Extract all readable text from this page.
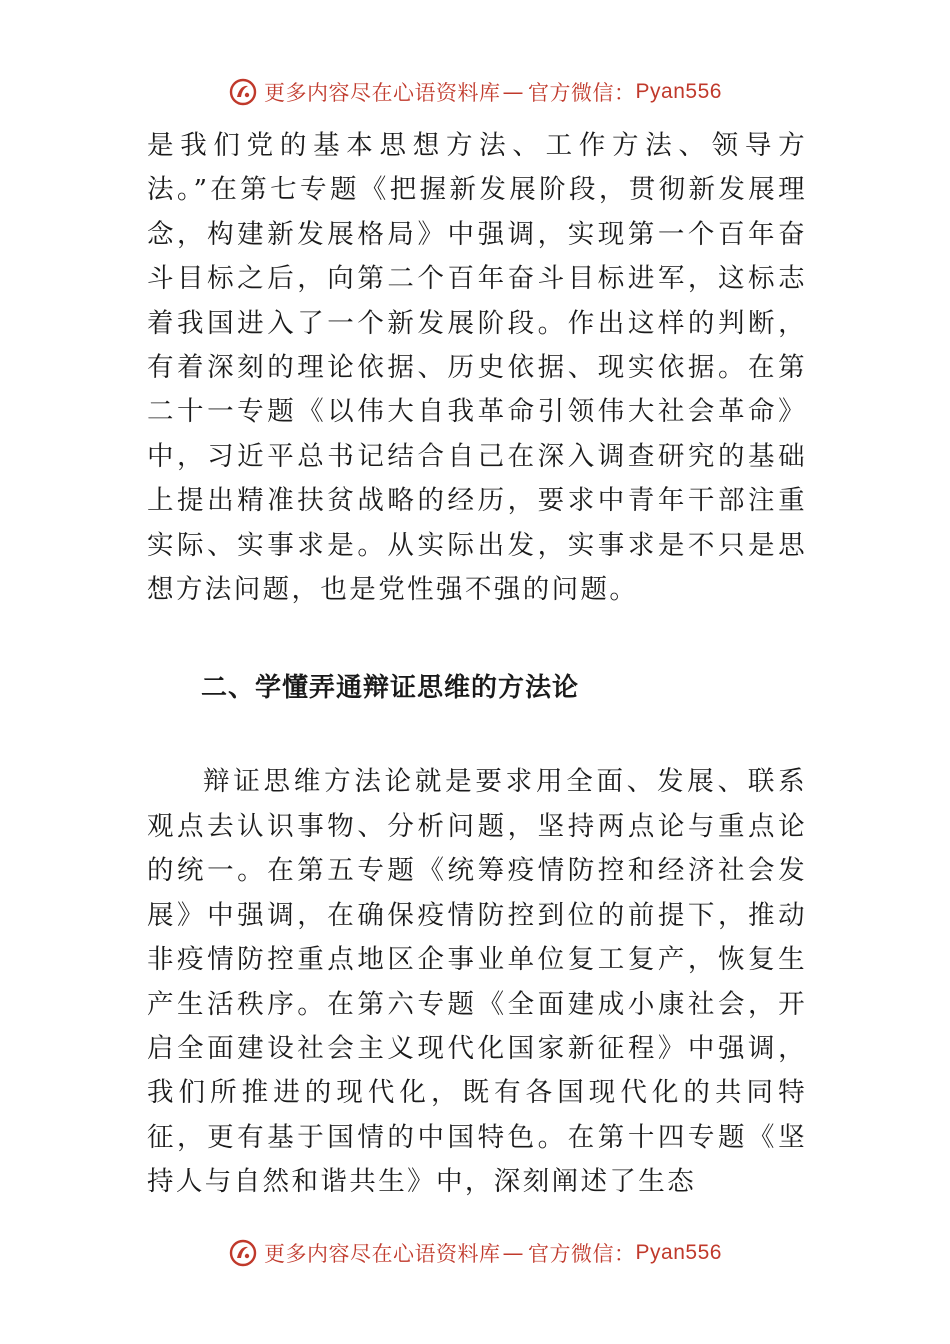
更多内容尽在心语资料库 — 官方微信： Pyan556

是我们党的基本思想方法、工作方法、领导方法。”在第七专题《把握新发展阶段，贯彻新发展理念，构建新发展格局》中强调，实现第一个百年奋斗目标之后，向第二个百年奋斗目标进军，这标志着我国进入了一个新发展阶段。作出这样的判断，有着深刻的理论依据、历史依据、现实依据。在第二十一专题《以伟大自我革命引领伟大社会革命》中，习近平总书记结合自己在深入调查研究的基础上提出精准扶贫战略的经历，要求中青年干部注重实际、实事求是。从实际出发，实事求是不只是思想方法问题，也是党性强不强的问题。

二、学懂弄通辩证思维的方法论

辩证思维方法论就是要求用全面、发展、联系观点去认识事物、分析问题，坚持两点论与重点论的统一。在第五专题《统筹疫情防控和经济社会发展》中强调，在确保疫情防控到位的前提下，推动非疫情防控重点地区企事业单位复工复产，恢复生产生活秩序。在第六专题《全面建成小康社会，开启全面建设社会主义现代化国家新征程》中强调，我们所推进的现代化，既有各国现代化的共同特征，更有基于国情的中国特色。在第十四专题《坚持人与自然和谐共生》中，深刻阐述了生态

更多内容尽在心语资料库 — 官方微信： Pyan556
